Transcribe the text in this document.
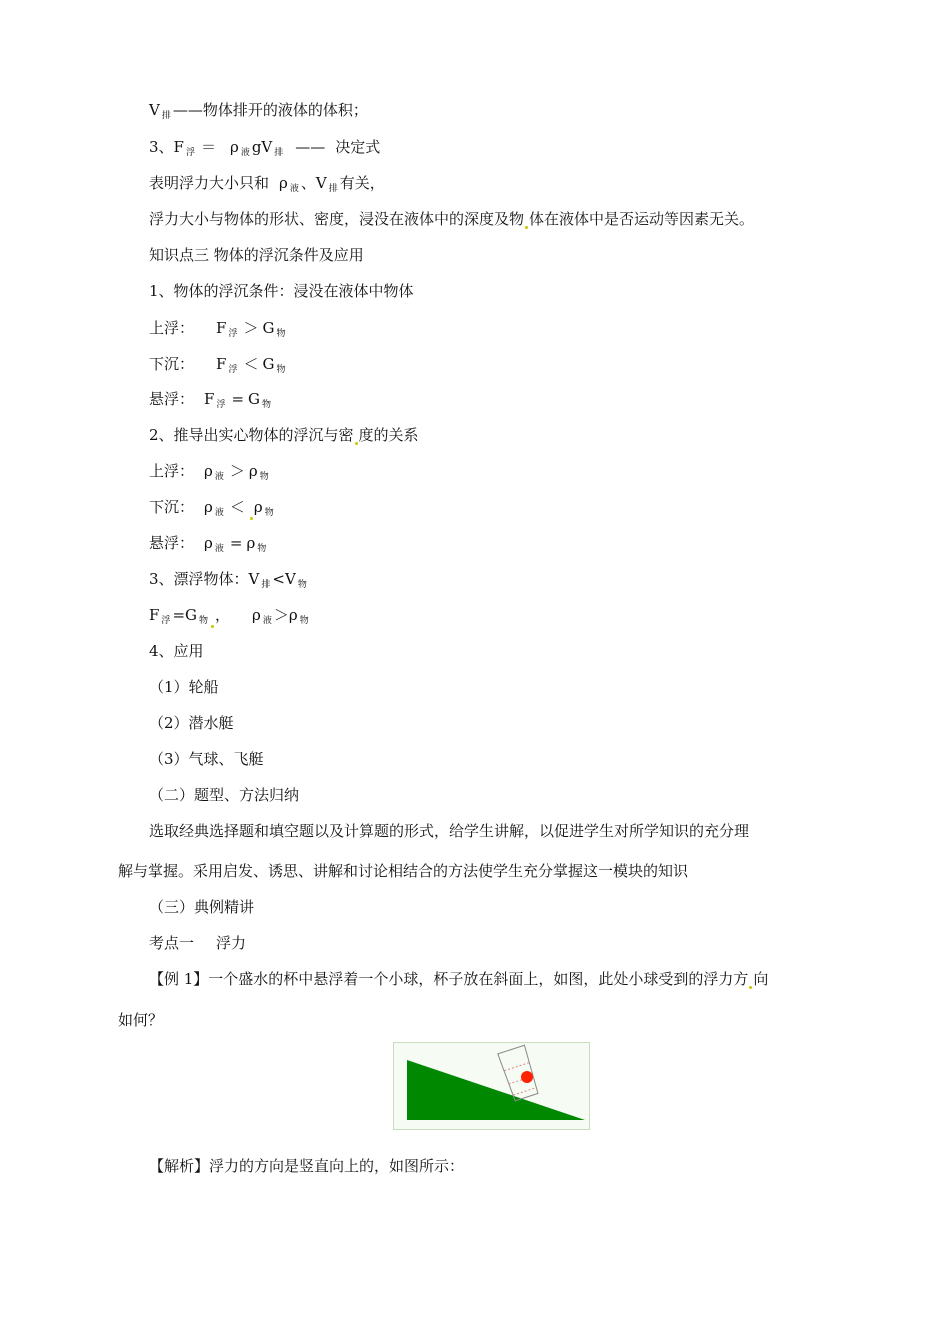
V $_排$ ——物体排开的液体的体积；
3、F $_浮$ ＝ ρ $_液$ gV $_排$ —— 决定式
表明浮力大小只和 ρ $_液$ 、V $_排$ 有关，
浮力大小与物体的形状、密度，浸没在液体中的深度及物 体在液体中是否运动等因素无关。
知识点三 物体的浮沉条件及应用
1、物体的浮沉条件：浸没在液体中物体
上浮： F $_浮$ ＞ G $_物$
下沉： F $_浮$ ＜ G $_物$
悬浮： F $_浮$ = G $_物$
2、推导出实心物体的浮沉与密 度的关系
上浮： ρ $_液$ ＞ ρ $_物$
下沉： ρ $_液$ ＜ ρ $_物$
悬浮： ρ $_液$ = ρ $_物$
3、漂浮物体：V $_排$ <V $_物$
F $_浮$ =G $_物$ ， ρ $_液$ ＞ρ $_物$
4、应用
（1）轮船
（2）潜水艇
（3）气球、飞艇
（二）题型、方法归纳
选取经典选择题和填空题以及计算题的形式，给学生讲解，以促进学生对所学知识的充分理
解与掌握。采用启发、诱思、讲解和讨论相结合的方法使学生充分掌握这一模块的知识
（三）典例精讲
考点一 浮力
【例 1】一个盛水的杯中悬浮着一个小球，杯子放在斜面上，如图，此处小球受到的浮力方 向
如何？
【解析】浮力的方向是竖直向上的，如图所示：
